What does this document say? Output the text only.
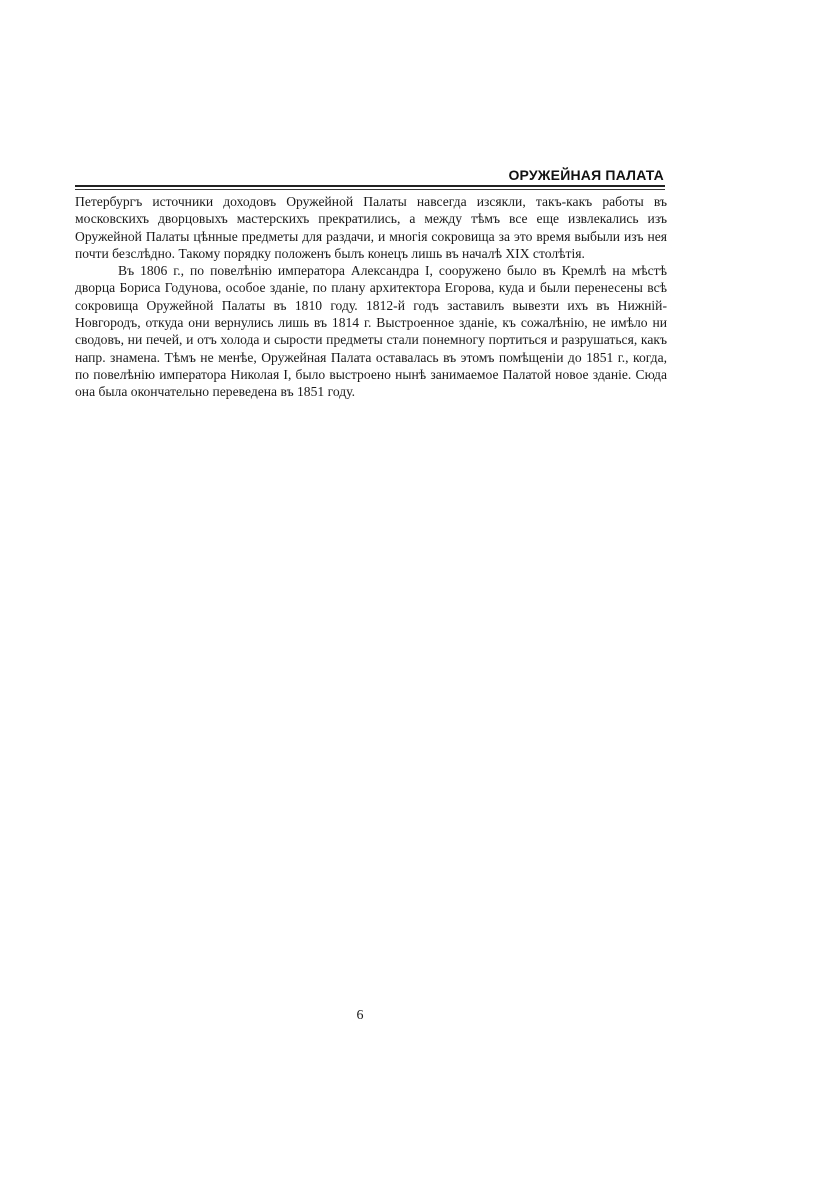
ОРУЖЕЙНАЯ ПАЛАТА

Петербургъ источники доходовъ Оружейной Палаты навсегда изсякли, такъ-какъ работы въ московскихъ дворцовыхъ мастерскихъ прекратились, а между тѣмъ все еще извлекались изъ Оружейной Палаты цѣнные предметы для раздачи, и многія сокровища за это время выбыли изъ нея почти безслѣдно. Такому порядку положенъ былъ конецъ лишь въ началѣ XIX столѣтія.

Въ 1806 г., по повелѣнію императора Александра I, сооружено было въ Кремлѣ на мѣстѣ дворца Бориса Годунова, особое зданіе, по плану архитектора Егорова, куда и были перенесены всѣ сокровища Оружейной Палаты въ 1810 году. 1812-й годъ заставилъ вывезти ихъ въ Нижній-Новгородъ, откуда они вернулись лишь въ 1814 г. Выстроенное зданіе, къ сожалѣнію, не имѣло ни сводовъ, ни печей, и отъ холода и сырости предметы стали понемногу портиться и разрушаться, какъ напр. знамена. Тѣмъ не менѣе, Оружейная Палата оставалась въ этомъ помѣщеніи до 1851 г., когда, по повелѣнію императора Николая I, было выстроено нынѣ занимаемое Палатой новое зданіе. Сюда она была окончательно переведена въ 1851 году.

6
